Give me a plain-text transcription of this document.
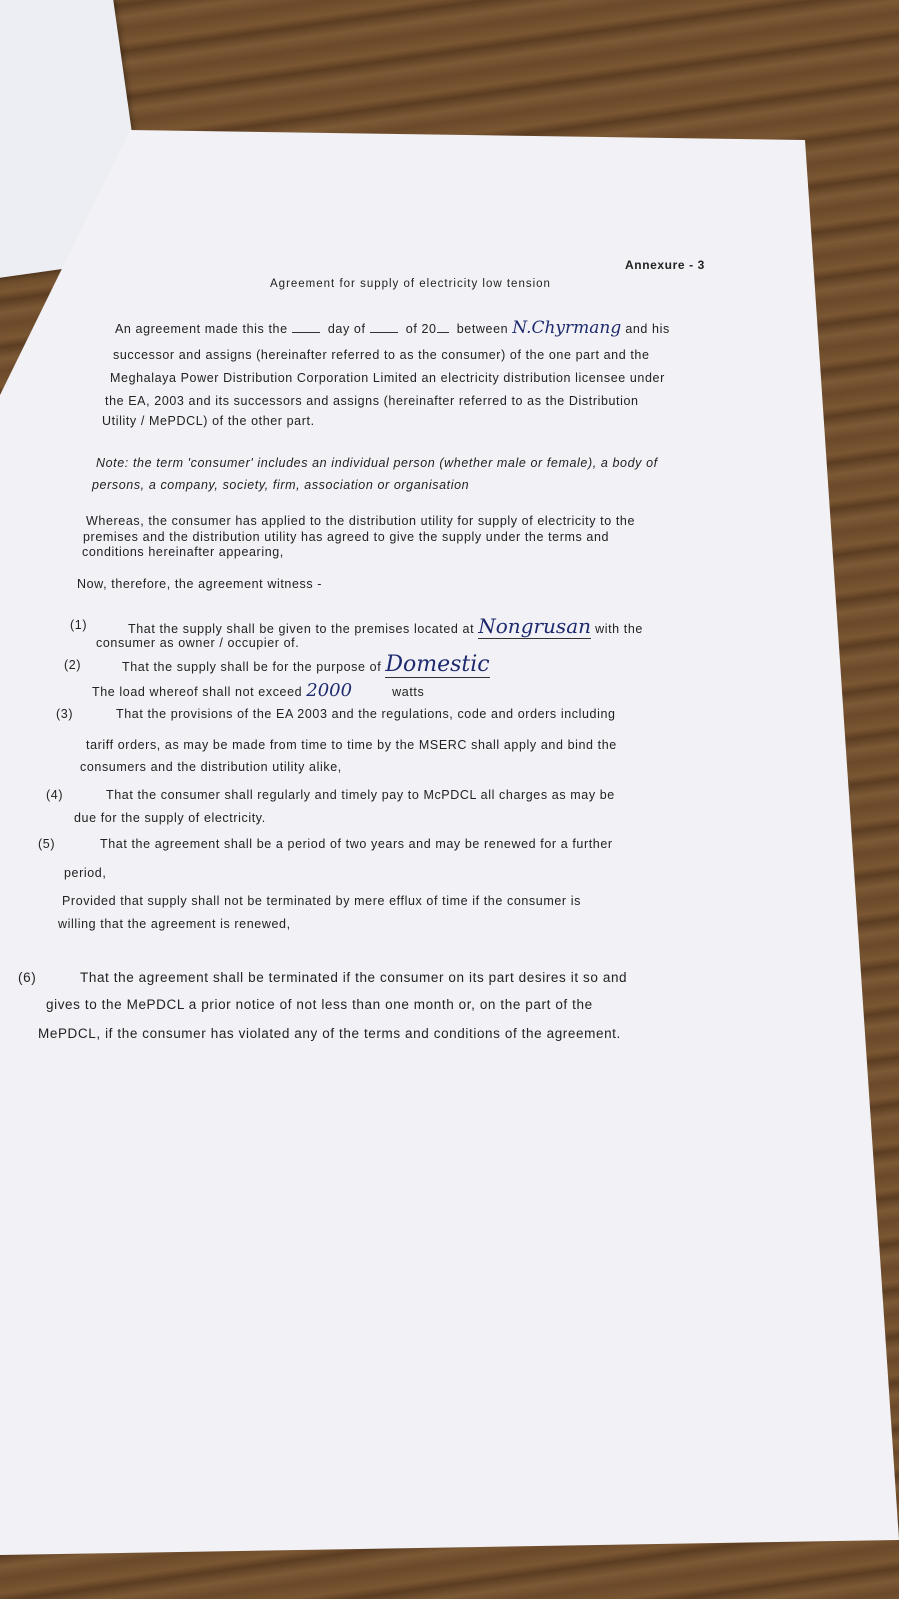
Annexure - 3
Agreement for supply of electricity low tension
An agreement made this the	day of	of 20 between N.Chyrmang and his
successor and assigns (hereinafter referred to as the consumer) of the one part and the
Meghalaya Power Distribution Corporation Limited an electricity distribution licensee under
the EA, 2003 and its successors and assigns (hereinafter referred to as the Distribution
Utility / MePDCL) of the other part.
Note: the term 'consumer' includes an individual person (whether male or female), a body of
persons, a company, society, firm, association or organisation
Whereas, the consumer has applied to the distribution utility for supply of electricity to the
premises and the distribution utility has agreed to give the supply under the terms and
conditions hereinafter appearing,
Now, therefore, the agreement witness -
(1)	That the supply shall be given to the premises located at Nongrusan with the
consumer as owner / occupier of.
(2)	That the supply shall be for the purpose of Domestic
The load whereof shall not exceed 2000	watts
(3)	That the provisions of the EA 2003 and the regulations, code and orders including
tariff orders, as may be made from time to time by the MSERC shall apply and bind the
consumers and the distribution utility alike,
(4)	That the consumer shall regularly and timely pay to McPDCL all charges as may be
due for the supply of electricity.
(5)	That the agreement shall be a period of two years and may be renewed for a further
period,
Provided that supply shall not be terminated by mere efflux of time if the consumer is
willing that the agreement is renewed,
(6)	That the agreement shall be terminated if the consumer on its part desires it so and
gives to the MePDCL a prior notice of not less than one month or, on the part of the
MePDCL, if the consumer has violated any of the terms and conditions of the agreement.
